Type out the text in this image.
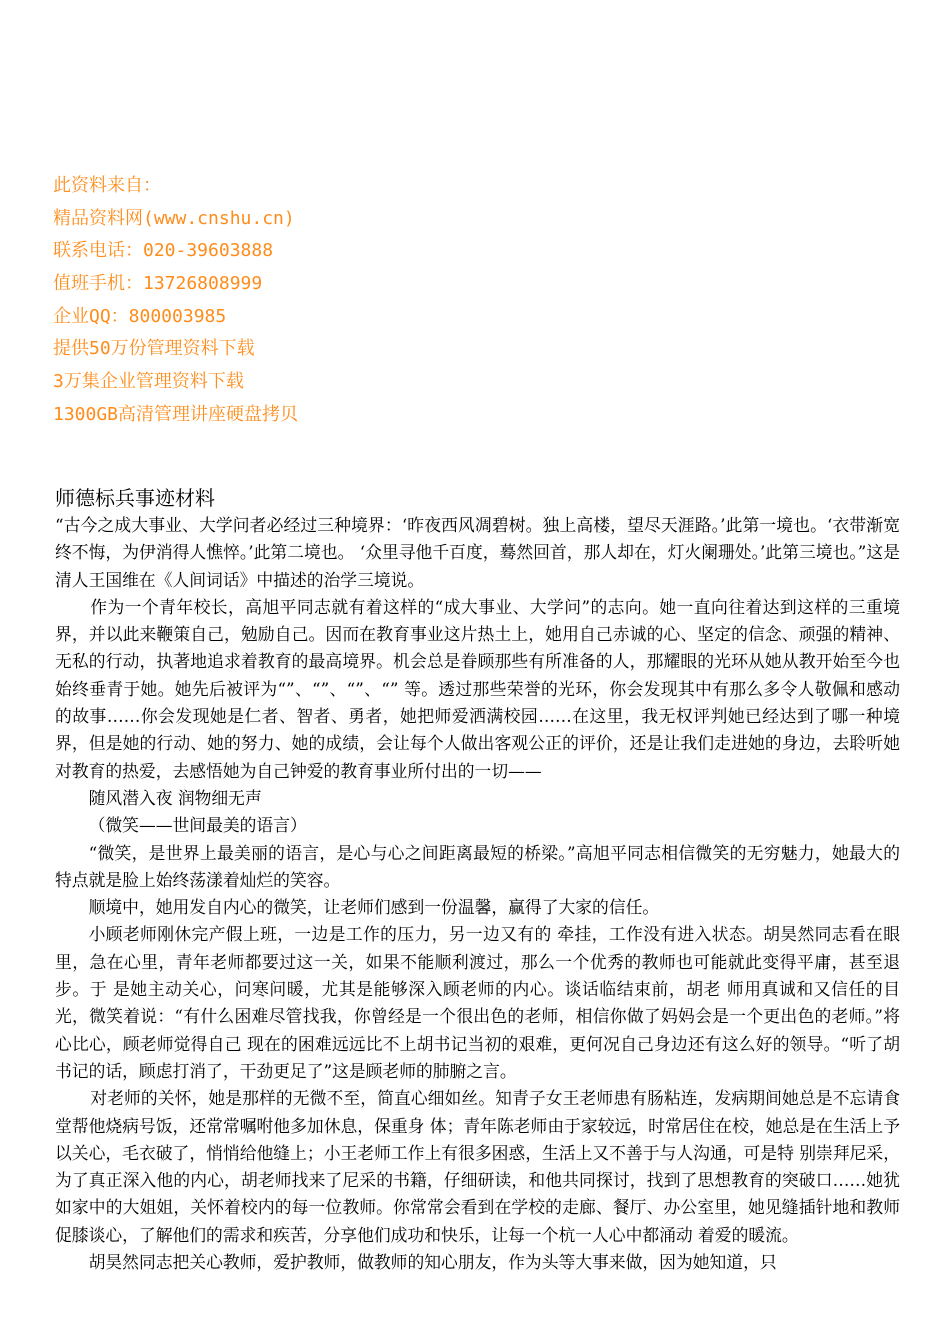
此资料来自：
精品资料网(www.cnshu.cn)
联系电话：020-39603888
值班手机：13726808999
企业QQ：800003985
提供50万份管理资料下载
3万集企业管理资料下载
1300GB高清管理讲座硬盘拷贝
师德标兵事迹材料

“古今之成大事业、大学问者必经过三种境界：‘昨夜西风凋碧树。独上高楼，望尽天涯路。’此第一境也。‘衣带渐宽终不悔，为伊消得人憔悴。’此第二境也。 ‘众里寻他千百度，蓦然回首，那人却在，灯火阑珊处。’此第三境也。”这是清人王国维在《人间词话》中描述的治学三境说。

作为一个青年校长，高旭平同志就有着这样的“成大事业、大学问”的志向。她一直向往着达到这样的三重境界，并以此来鞭策自己，勉励自己。因而在教育事业这片热土上，她用自己赤诚的心、坚定的信念、顽强的精神、无私的行动，执著地追求着教育的最高境界。机会总是眷顾那些有所准备的人，那耀眼的光环从她从教开始至今也始终垂青于她。她先后被评为“”、“”、“”、“” 等。透过那些荣誉的光环，你会发现其中有那么多令人敬佩和感动的故事……你会发现她是仁者、智者、勇者，她把师爱洒满校园……在这里，我无权评判她已经达到了哪一种境界，但是她的行动、她的努力、她的成绩，会让每个人做出客观公正的评价，还是让我们走进她的身边，去聆听她对教育的热爱，去感悟她为自己钟爱的教育事业所付出的一切——

随风潜入夜 润物细无声

（微笑——世间最美的语言）

“微笑，是世界上最美丽的语言，是心与心之间距离最短的桥梁。”高旭平同志相信微笑的无穷魅力，她最大的特点就是脸上始终荡漾着灿烂的笑容。

顺境中，她用发自内心的微笑，让老师们感到一份温馨，赢得了大家的信任。

小顾老师刚休完产假上班，一边是工作的压力，另一边又有的 牵挂，工作没有进入状态。胡昊然同志看在眼里，急在心里，青年老师都要过这一关，如果不能顺利渡过，那么一个优秀的教师也可能就此变得平庸，甚至退步。于 是她主动关心，问寒问暖，尤其是能够深入顾老师的内心。谈话临结束前，胡老 师用真诚和又信任的目光，微笑着说：“有什么困难尽管找我，你曾经是一个很出色的老师，相信你做了妈妈会是一个更出色的老师。”将心比心，顾老师觉得自己 现在的困难远远比不上胡书记当初的艰难，更何况自己身边还有这么好的领导。“听了胡书记的话，顾虑打消了，干劲更足了”这是顾老师的肺腑之言。

对老师的关怀，她是那样的无微不至，简直心细如丝。知青子女王老师患有肠粘连，发病期间她总是不忘请食堂帮他烧病号饭，还常常嘱咐他多加休息，保重身 体；青年陈老师由于家较远，时常居住在校，她总是在生活上予以关心，毛衣破了，悄悄给他缝上；小王老师工作上有很多困惑，生活上又不善于与人沟通，可是特 别崇拜尼采，为了真正深入他的内心，胡老师找来了尼采的书籍，仔细研读，和他共同探讨，找到了思想教育的突破口……她犹如家中的大姐姐，关怀着校内的每一位教师。你常常会看到在学校的走廊、餐厅、办公室里，她见缝插针地和教师促膝谈心，了解他们的需求和疾苦，分享他们成功和快乐，让每一个杭一人心中都涌动 着爱的暖流。

胡昊然同志把关心教师，爱护教师，做教师的知心朋友，作为头等大事来做，因为她知道，只
